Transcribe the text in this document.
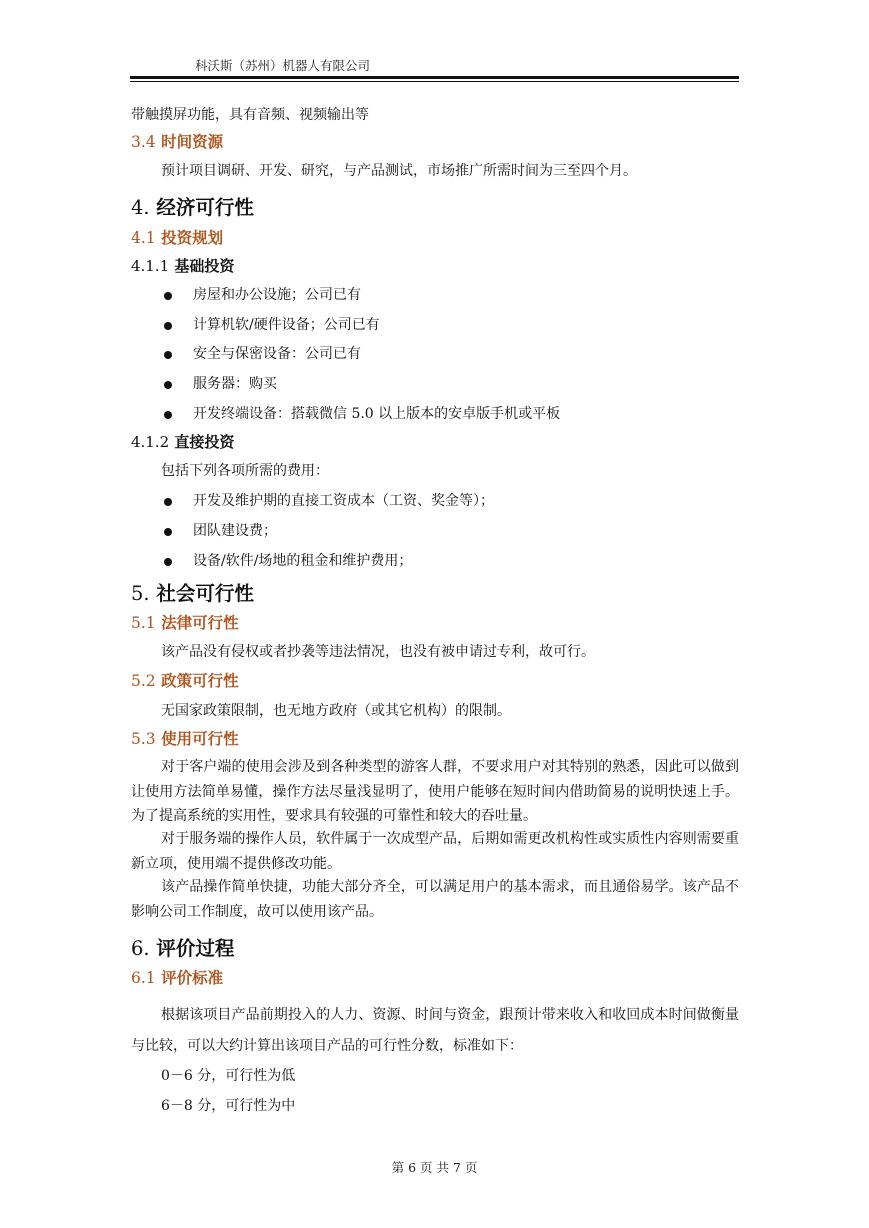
科沃斯（苏州）机器人有限公司
带触摸屏功能，具有音频、视频输出等
3.4 时间资源
预计项目调研、开发、研究，与产品测试，市场推广所需时间为三至四个月。
4. 经济可行性
4.1 投资规划
4.1.1 基础投资
房屋和办公设施；公司已有
计算机软/硬件设备；公司已有
安全与保密设备：公司已有
服务器：购买
开发终端设备：搭载微信 5.0 以上版本的安卓版手机或平板
4.1.2 直接投资
包括下列各项所需的费用：
开发及维护期的直接工资成本（工资、奖金等）；
团队建设费；
设备/软件/场地的租金和维护费用；
5. 社会可行性
5.1 法律可行性
该产品没有侵权或者抄袭等违法情况，也没有被申请过专利，故可行。
5.2 政策可行性
无国家政策限制，也无地方政府（或其它机构）的限制。
5.3 使用可行性
对于客户端的使用会涉及到各种类型的游客人群，不要求用户对其特别的熟悉，因此可以做到让使用方法简单易懂，操作方法尽量浅显明了，使用户能够在短时间内借助简易的说明快速上手。为了提高系统的实用性，要求具有较强的可靠性和较大的吞吐量。
对于服务端的操作人员，软件属于一次成型产品，后期如需更改机构性或实质性内容则需要重新立项，使用端不提供修改功能。
该产品操作简单快捷，功能大部分齐全，可以满足用户的基本需求，而且通俗易学。该产品不影响公司工作制度，故可以使用该产品。
6. 评价过程
6.1 评价标准
根据该项目产品前期投入的人力、资源、时间与资金，跟预计带来收入和收回成本时间做衡量与比较，可以大约计算出该项目产品的可行性分数，标准如下：
0－6 分，可行性为低
6－8 分，可行性为中
第 6 页 共 7 页
